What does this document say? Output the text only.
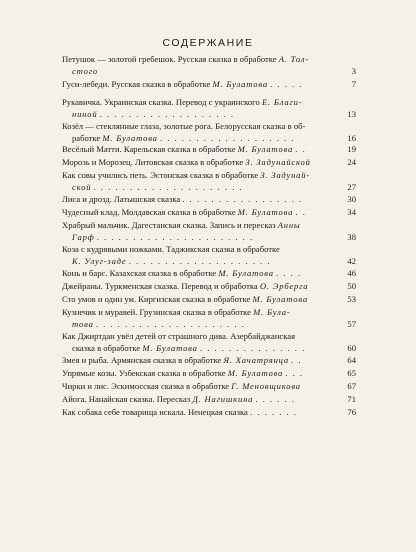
СОДЕРЖАНИЕ
Петушок — золотой гребешок. Русская сказка в обработке А. Тол-
стого	3
Гуси-лебеди. Русская сказка в обработке М. Булатова . . . . .	7
Рукавичка. Украинская сказка. Перевод с украинского Е. Благи-
ниной . . . . . . . . . . . . . . . . . . .	13
Козёл — стеклянные глаза, золотые рога. Белорусская сказка в об-
работке М. Булатова . . . . . . . . . . . . . . . . . . .	16
Весёлый Матти. Карельская сказка в обработке М. Булатова . .	19
Морозь и Морозец. Литовская сказка в обработке З. Задунайской	24
Как совы учились петь. Эстонская сказка в обработке З. Задунай-
ской . . . . . . . . . . . . . . . . . . . . .	27
Лиса и дрозд. Латышская сказка . . . . . . . . . . . . . . . . .	30
Чудесный клад. Молдавская сказка в обработке М. Булатова . .	34
Храбрый мальчик. Дагестанская сказка. Запись и пересказ Анны
Гарф . . . . . . . . . . . . . . . . . . . . . .	38
Коза с кудрявыми ножками. Таджикская сказка в обработке
К. Улуг-заде . . . . . . . . . . . . . . . . . . . .	42
Конь и барс. Казахская сказка в обработке М. Булатова . . . .	46
Джейраны. Туркменская сказка. Перевод и обработка О. Эрберга	50
Сто умов и один ум. Киргизская сказка в обработке М. Булатова	53
Кузнечик и муравей. Грузинская сказка в обработке М. Була-
това . . . . . . . . . . . . . . . . . . . . .	57
Как Джиртдан увёл детей от страшного дива. Азербайджанская
сказка в обработке М. Булатова . . . . . . . . . . . . . . .	60
Змея и рыба. Армянская сказка в обработке Я. Хачатрянца . .	64
Упрямые козы. Узбекская сказка в обработке М. Булатова . . .	65
Чирки и лис. Эскимосская сказка в обработке Г. Меновщикова	67
Айога. Нанайская сказка. Пересказ Д. Нагишкина . . . . . .	71
Как собака себе товарища искала. Ненецкая сказка . . . . . . .	76
